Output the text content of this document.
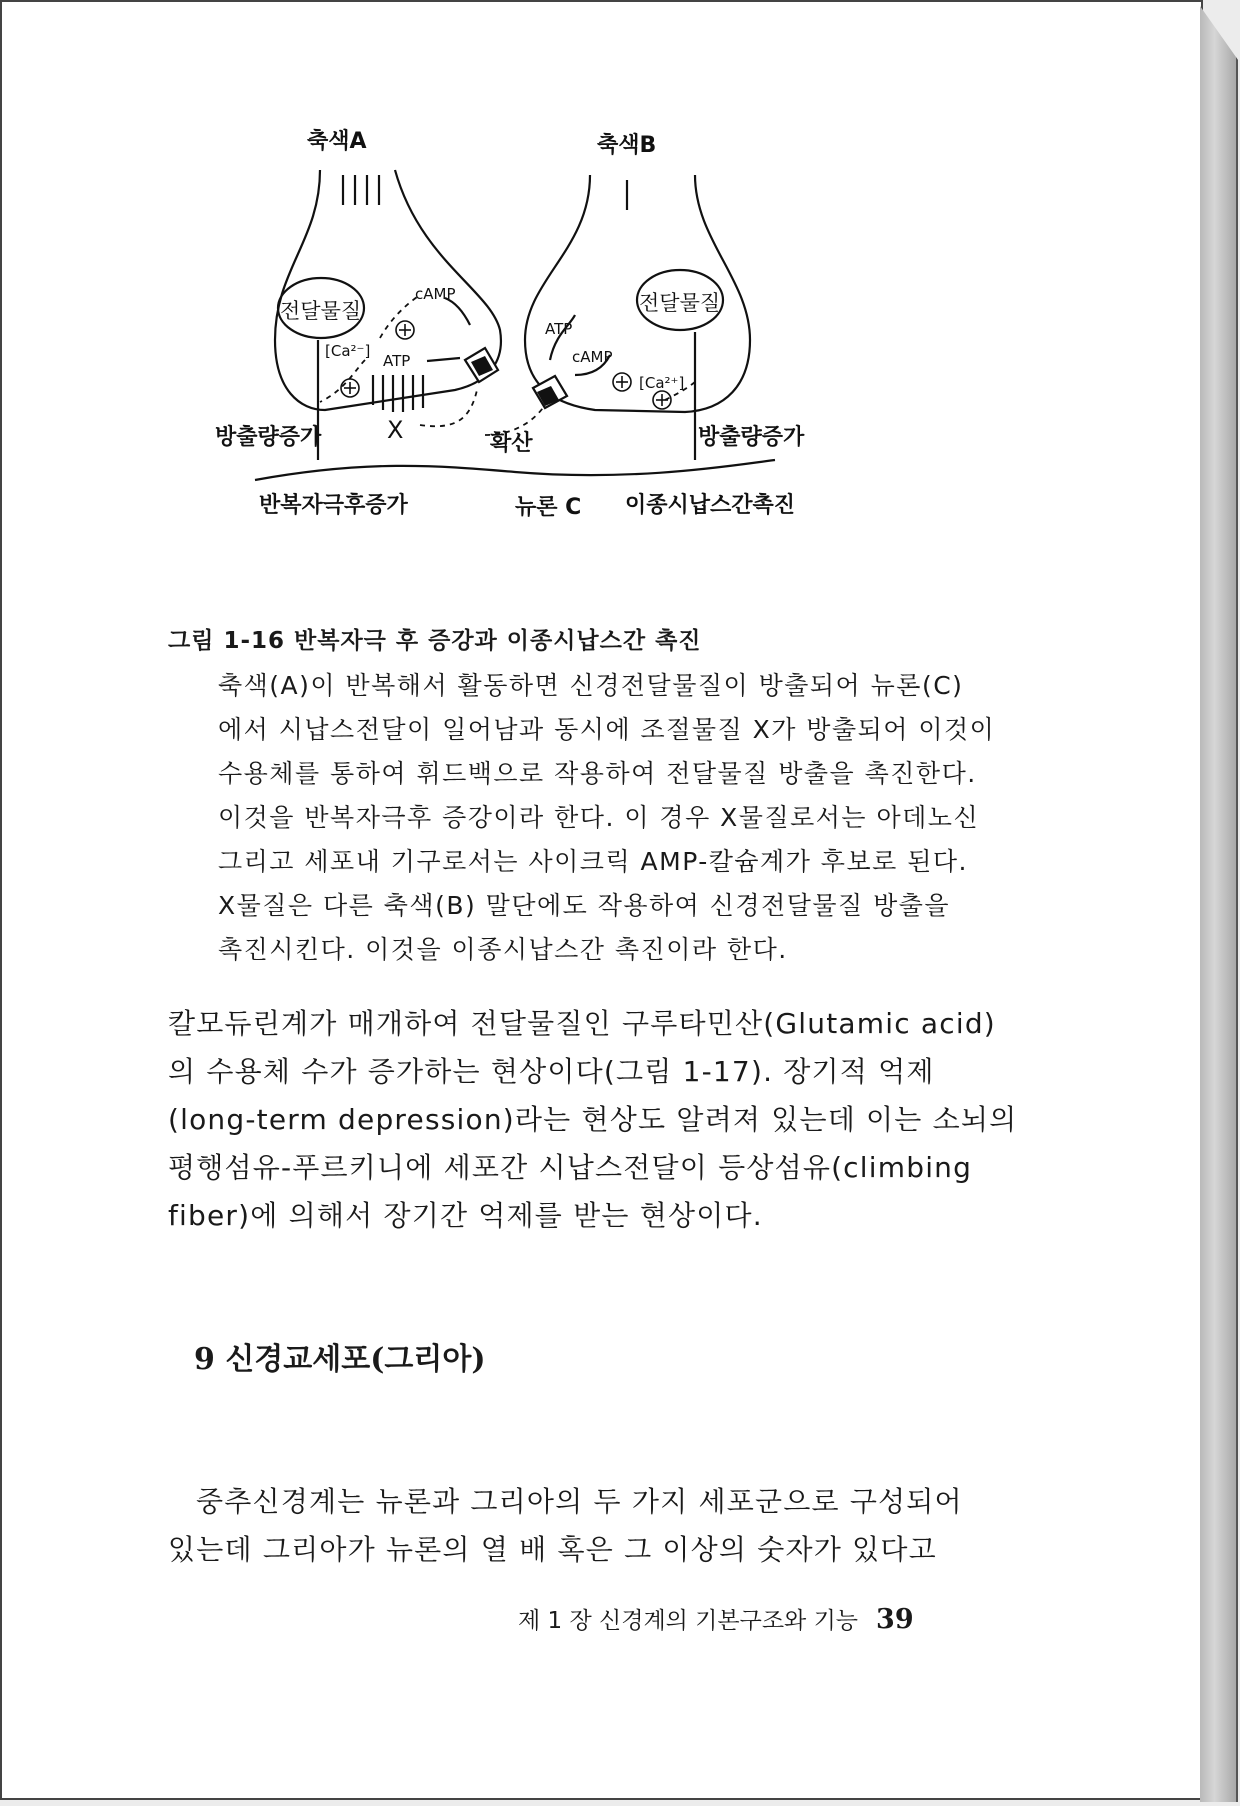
축색A	축색B
전달물질	전달물질
cAMP
[Ca²⁻]
ATP
ATP
cAMP
[Ca²⁺]
방출량증가	방출량증가
X	확산
반복자극후증가	뉴론 C 이종시납스간촉진
그림 1-16 반복자극 후 증강과 이종시납스간 촉진
축색(A)이 반복해서 활동하면 신경전달물질이 방출되어 뉴론(C)
에서 시납스전달이 일어남과 동시에 조절물질 X가 방출되어 이것이
수용체를 통하여 휘드백으로 작용하여 전달물질 방출을 촉진한다.
이것을 반복자극후 증강이라 한다. 이 경우 X물질로서는 아데노신
그리고 세포내 기구로서는 사이크릭 AMP-칼슘계가 후보로 된다.
X물질은 다른 축색(B) 말단에도 작용하여 신경전달물질 방출을
촉진시킨다. 이것을 이종시납스간 촉진이라 한다.
칼모듀린계가 매개하여 전달물질인 구루타민산(Glutamic acid)
의 수용체 수가 증가하는 현상이다(그림 1-17). 장기적 억제
(long-term depression)라는 현상도 알려져 있는데 이는 소뇌의
평행섬유-푸르키니에 세포간 시납스전달이 등상섬유(climbing
fiber)에 의해서 장기간 억제를 받는 현상이다.
9 신경교세포(그리아)
중추신경계는 뉴론과 그리아의 두 가지 세포군으로 구성되어
있는데 그리아가 뉴론의 열 배 혹은 그 이상의 숫자가 있다고
제 1 장 신경계의 기본구조와 기능 39
